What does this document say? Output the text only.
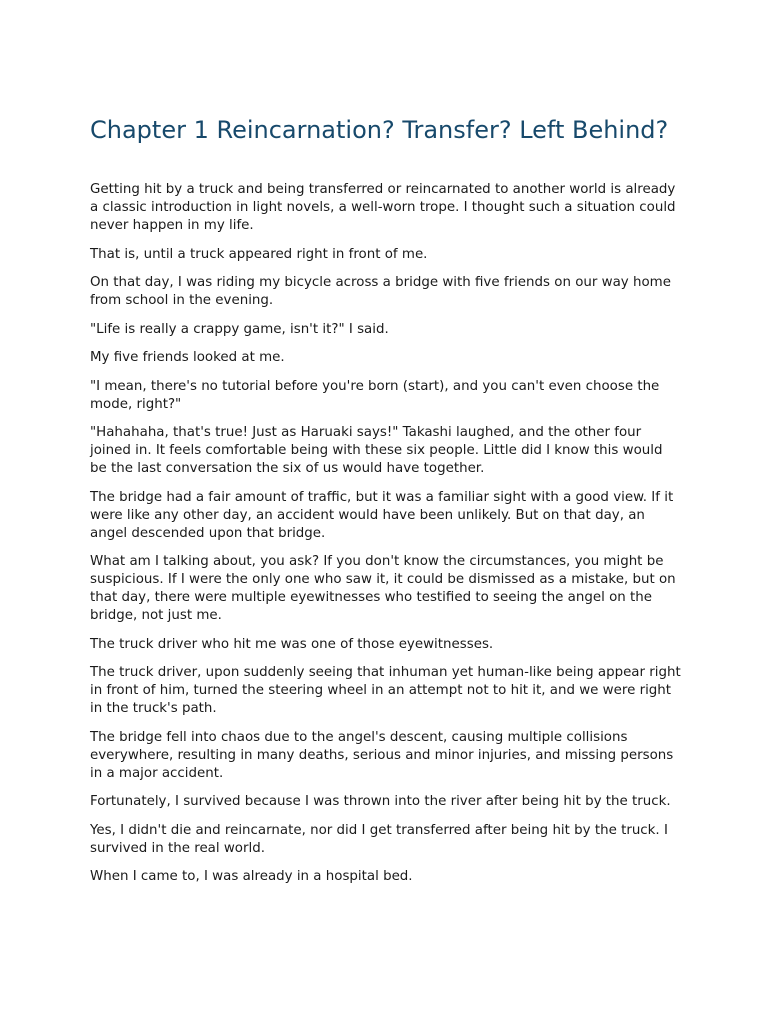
Chapter 1 Reincarnation? Transfer? Left Behind?

Getting hit by a truck and being transferred or reincarnated to another world is already a classic introduction in light novels, a well-worn trope. I thought such a situation could never happen in my life.

That is, until a truck appeared right in front of me.

On that day, I was riding my bicycle across a bridge with five friends on our way home from school in the evening.

"Life is really a crappy game, isn't it?" I said.

My five friends looked at me.

"I mean, there's no tutorial before you're born (start), and you can't even choose the mode, right?"

"Hahahaha, that's true! Just as Haruaki says!" Takashi laughed, and the other four joined in. It feels comfortable being with these six people. Little did I know this would be the last conversation the six of us would have together.

The bridge had a fair amount of traffic, but it was a familiar sight with a good view. If it were like any other day, an accident would have been unlikely. But on that day, an angel descended upon that bridge.

What am I talking about, you ask? If you don't know the circumstances, you might be suspicious. If I were the only one who saw it, it could be dismissed as a mistake, but on that day, there were multiple eyewitnesses who testified to seeing the angel on the bridge, not just me.

The truck driver who hit me was one of those eyewitnesses.

The truck driver, upon suddenly seeing that inhuman yet human-like being appear right in front of him, turned the steering wheel in an attempt not to hit it, and we were right in the truck's path.

The bridge fell into chaos due to the angel's descent, causing multiple collisions everywhere, resulting in many deaths, serious and minor injuries, and missing persons in a major accident.

Fortunately, I survived because I was thrown into the river after being hit by the truck.

Yes, I didn't die and reincarnate, nor did I get transferred after being hit by the truck. I survived in the real world.

When I came to, I was already in a hospital bed.
